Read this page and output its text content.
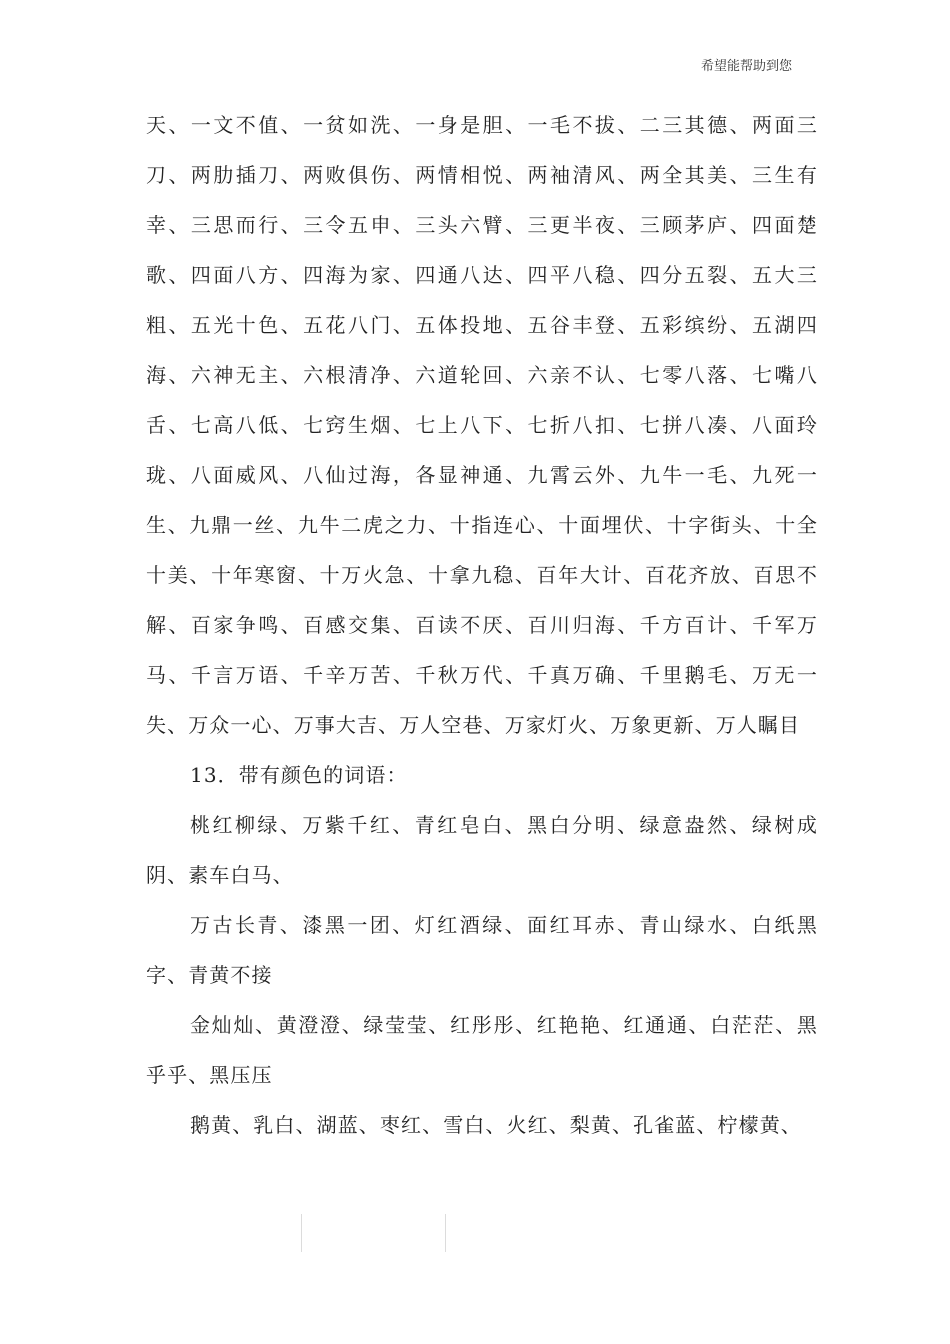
希望能帮助到您

天、一文不值、一贫如洗、一身是胆、一毛不拔、二三其德、两面三刀、两肋插刀、两败俱伤、两情相悦、两袖清风、两全其美、三生有幸、三思而行、三令五申、三头六臂、三更半夜、三顾茅庐、四面楚歌、四面八方、四海为家、四通八达、四平八稳、四分五裂、五大三粗、五光十色、五花八门、五体投地、五谷丰登、五彩缤纷、五湖四海、六神无主、六根清净、六道轮回、六亲不认、七零八落、七嘴八舌、七高八低、七窍生烟、七上八下、七折八扣、七拼八凑、八面玲珑、八面威风、八仙过海，各显神通、九霄云外、九牛一毛、九死一生、九鼎一丝、九牛二虎之力、十指连心、十面埋伏、十字街头、十全十美、十年寒窗、十万火急、十拿九稳、百年大计、百花齐放、百思不解、百家争鸣、百感交集、百读不厌、百川归海、千方百计、千军万马、千言万语、千辛万苦、千秋万代、千真万确、千里鹅毛、万无一失、万众一心、万事大吉、万人空巷、万家灯火、万象更新、万人瞩目

13．带有颜色的词语：

桃红柳绿、万紫千红、青红皂白、黑白分明、绿意盎然、绿树成阴、素车白马、

万古长青、漆黑一团、灯红酒绿、面红耳赤、青山绿水、白纸黑字、青黄不接

金灿灿、黄澄澄、绿莹莹、红彤彤、红艳艳、红通通、白茫茫、黑乎乎、黑压压

鹅黄、乳白、湖蓝、枣红、雪白、火红、梨黄、孔雀蓝、柠檬黄、
